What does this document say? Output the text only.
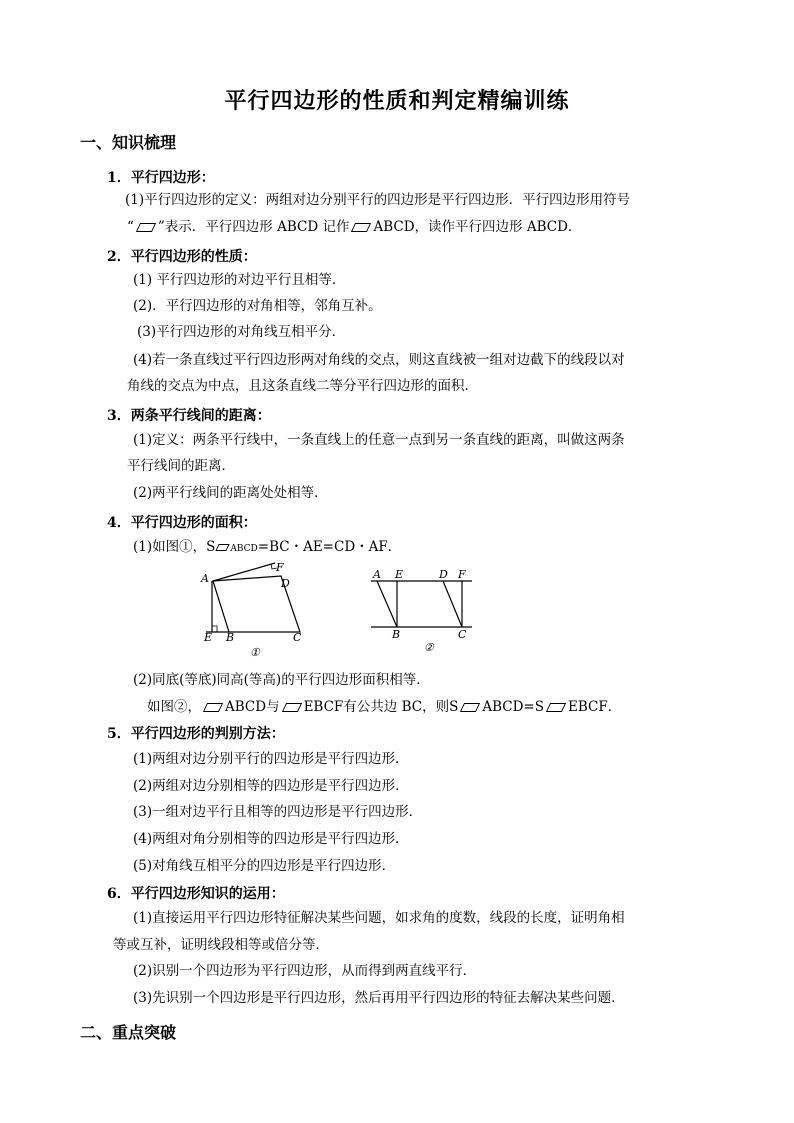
平行四边形的性质和判定精编训练
一、知识梳理
1．平行四边形：
(1)平行四边形的定义：两组对边分别平行的四边形是平行四边形．平行四边形用符号
“ ”表示．平行四边形 ABCD 记作 ABCD，读作平行四边形 ABCD．
2．平行四边形的性质：
(1) 平行四边形的对边平行且相等．
(2)．平行四边形的对角相等，邻角互补。
(3)平行四边形的对角线互相平分．
(4)若一条直线过平行四边形两对角线的交点，则这直线被一组对边截下的线段以对
角线的交点为中点，且这条直线二等分平行四边形的面积．
3．两条平行线间的距离：
(1)定义：两条平行线中，一条直线上的任意一点到另一条直线的距离，叫做这两条
平行线间的距离．
(2)两平行线间的距离处处相等．
4．平行四边形的面积：
(1)如图①，S ABCD=BC・AE=CD・AF．
A	D
F
E B	C
①
A E	D F
B	C
②
(2)同底(等底)同高(等高)的平行四边形面积相等．
如图②， ABCD与 EBCF有公共边 BC，则S ABCD=S EBCF．
5．平行四边形的判别方法：
(1)两组对边分别平行的四边形是平行四边形．
(2)两组对边分别相等的四边形是平行四边形．
(3)一组对边平行且相等的四边形是平行四边形．
(4)两组对角分别相等的四边形是平行四边形．
(5)对角线互相平分的四边形是平行四边形．
6．平行四边形知识的运用：
(1)直接运用平行四边形特征解决某些问题，如求角的度数，线段的长度，证明角相
等或互补，证明线段相等或倍分等．
(2)识别一个四边形为平行四边形，从而得到两直线平行．
(3)先识别一个四边形是平行四边形，然后再用平行四边形的特征去解决某些问题．
二、重点突破
